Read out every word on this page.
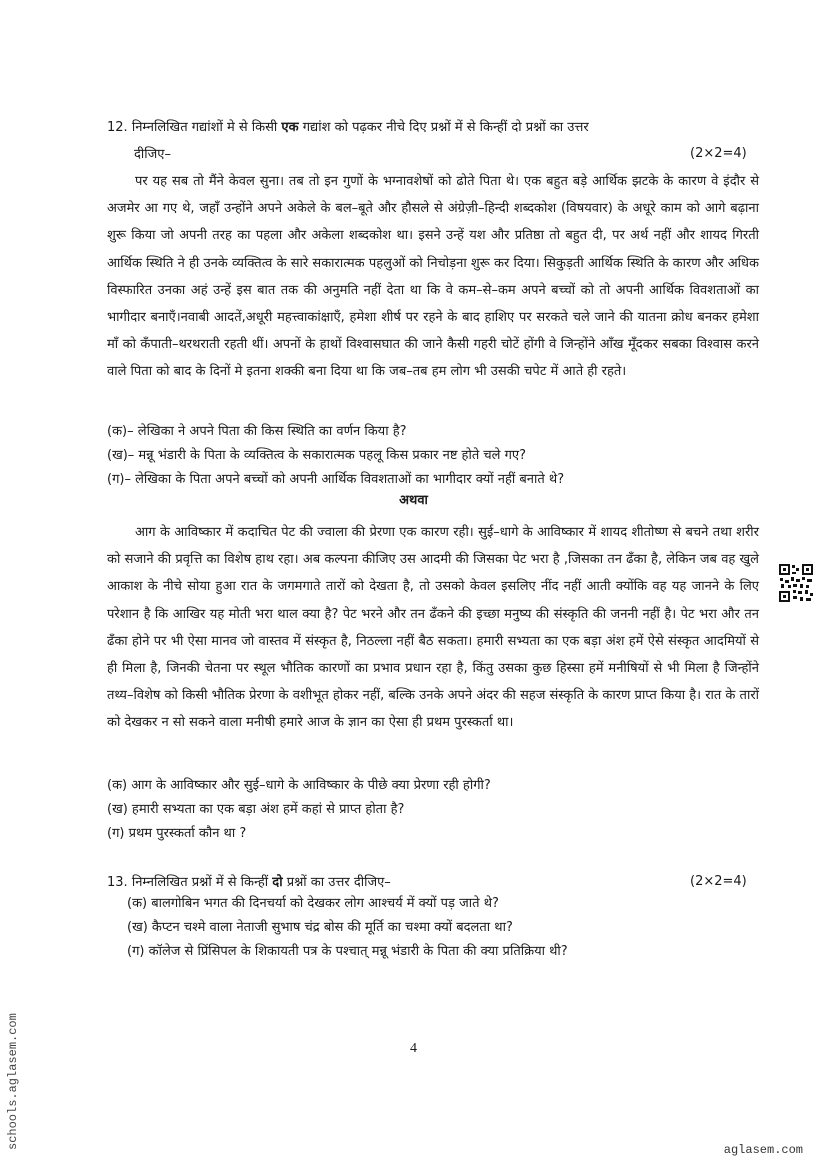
12. निम्नलिखित गद्यांशों मे से किसी एक गद्यांश को पढ़कर नीचे दिए प्रश्नों में से किन्हीं दो प्रश्नों का उत्तर
दीजिए–	(2×2=4)

पर यह सब तो मैंने केवल सुना। तब तो इन गुणों के भग्नावशेषों को ढोते पिता थे। एक बहुत बड़े आर्थिक झटके के कारण वे इंदौर से अजमेर आ गए थे, जहाँ उन्होंने अपने अकेले के बल–बूते और हौसले से अंग्रेज़ी–हिन्दी शब्दकोश (विषयवार) के अधूरे काम को आगे बढ़ाना शुरू किया जो अपनी तरह का पहला और अकेला शब्दकोश था। इसने उन्हें यश और प्रतिष्ठा तो बहुत दी, पर अर्थ नहीं और शायद गिरती आर्थिक स्थिति ने ही उनके व्यक्तित्व के सारे सकारात्मक पहलुओं को निचोड़ना शुरू कर दिया। सिकुड़ती आर्थिक स्थिति के कारण और अधिक विस्फारित उनका अहं उन्हें इस बात तक की अनुमति नहीं देता था कि वे कम–से–कम अपने बच्चों को तो अपनी आर्थिक विवशताओं का भागीदार बनाएँ।नवाबी आदतें,अधूरी महत्त्वाकांक्षाएँ, हमेशा शीर्ष पर रहने के बाद हाशिए पर सरकते चले जाने की यातना क्रोध बनकर हमेशा माँ को कँपाती–थरथराती रहती थीं। अपनों के हाथों विश्वासघात की जाने कैसी गहरी चोटें होंगी वे जिन्होंने आँख मूँदकर सबका विश्वास करने वाले पिता को बाद के दिनों मे इतना शक्की बना दिया था कि जब–तब हम लोग भी उसकी चपेट में आते ही रहते।

(क)– लेखिका ने अपने पिता की किस स्थिति का वर्णन किया है?
(ख)– मन्नू भंडारी के पिता के व्यक्तित्व के सकारात्मक पहलू किस प्रकार नष्ट होते चले गए?
(ग)– लेखिका के पिता अपने बच्चों को अपनी आर्थिक विवशताओं का भागीदार क्यों नहीं बनाते थे?
अथवा

आग के आविष्कार में कदाचित पेट की ज्वाला की प्रेरणा एक कारण रही। सुई–धागे के आविष्कार में शायद शीतोष्ण से बचने तथा शरीर को सजाने की प्रवृत्ति का विशेष हाथ रहा। अब कल्पना कीजिए उस आदमी की जिसका पेट भरा है ,जिसका तन ढँका है, लेकिन जब वह खुले आकाश के नीचे सोया हुआ रात के जगमगाते तारों को देखता है, तो उसको केवल इसलिए नींद नहीं आती क्योंकि वह यह जानने के लिए परेशान है कि आखिर यह मोती भरा थाल क्या है? पेट भरने और तन ढँकने की इच्छा मनुष्य की संस्कृति की जननी नहीं है। पेट भरा और तन ढँका होने पर भी ऐसा मानव जो वास्तव में संस्कृत है, निठल्ला नहीं बैठ सकता। हमारी सभ्यता का एक बड़ा अंश हमें ऐसे संस्कृत आदमियों से ही मिला है, जिनकी चेतना पर स्थूल भौतिक कारणों का प्रभाव प्रधान रहा है, किंतु उसका कुछ हिस्सा हमें मनीषियों से भी मिला है जिन्होंने तथ्य–विशेष को किसी भौतिक प्रेरणा के वशीभूत होकर नहीं, बल्कि उनके अपने अंदर की सहज संस्कृति के कारण प्राप्त किया है। रात के तारों को देखकर न सो सकने वाला मनीषी हमारे आज के ज्ञान का ऐसा ही प्रथम पुरस्कर्ता था।

(क) आग के आविष्कार और सुई–धागे के आविष्कार के पीछे क्या प्रेरणा रही होगी?
(ख) हमारी सभ्यता का एक बड़ा अंश हमें कहां से प्राप्त होता है?
(ग) प्रथम पुरस्कर्ता कौन था ?
13. निम्नलिखित प्रश्नों में से किन्हीं दो प्रश्नों का उत्तर दीजिए–	(2×2=4)
(क) बालगोबिन भगत की दिनचर्या को देखकर लोग आश्चर्य में क्यों पड़ जाते थे?
(ख) कैप्टन चश्मे वाला नेताजी सुभाष चंद्र बोस की मूर्ति का चश्मा क्यों बदलता था?
(ग) कॉलेज से प्रिंसिपल के शिकायती पत्र के पश्चात् मन्नू भंडारी के पिता की क्या प्रतिक्रिया थी?
4
schools.aglasem.com	aglasem.com
